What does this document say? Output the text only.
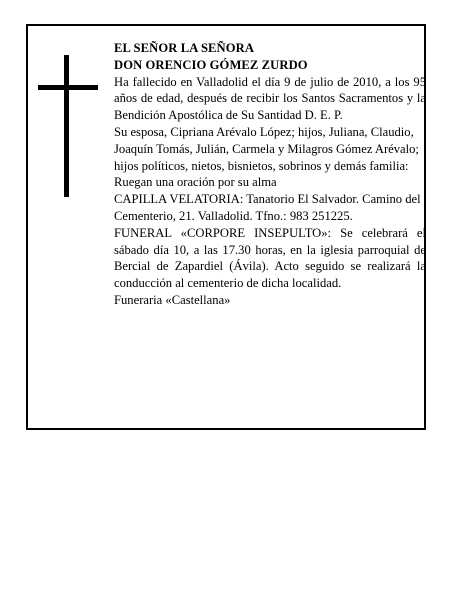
EL SEÑOR LA SEÑORA

DON ORENCIO GÓMEZ ZURDO

Ha fallecido en Valladolid el día 9 de julio de 2010, a los 95 años de edad, después de recibir los Santos Sacramentos y la Bendición Apostólica de Su Santidad D. E. P.

Su esposa, Cipriana Arévalo López; hijos, Juliana, Claudio, Joaquín Tomás, Julián, Carmela y Milagros Gómez Arévalo; hijos políticos, nietos, bisnietos, sobrinos y demás familia:

Ruegan una oración por su alma

CAPILLA VELATORIA: Tanatorio El Salvador. Camino del Cementerio, 21. Valladolid. Tfno.: 983 251225.

FUNERAL «CORPORE INSEPULTO»: Se celebrará el sábado día 10, a las 17.30 horas, en la iglesia parroquial de Bercial de Zapardiel (Ávila). Acto seguido se realizará la conducción al cementerio de dicha localidad.

Funeraria «Castellana»
